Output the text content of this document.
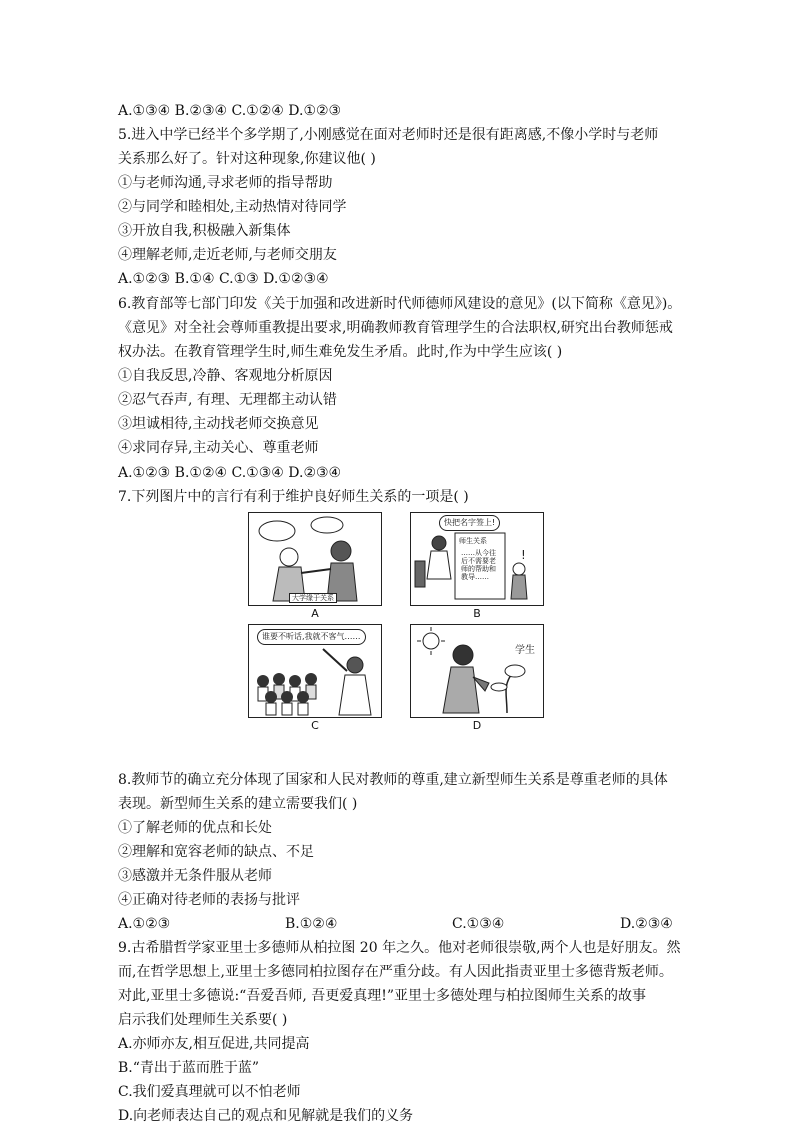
A.①③④ B.②③④ C.①②④ D.①②③
5.进入中学已经半个多学期了,小刚感觉在面对老师时还是很有距离感,不像小学时与老师
关系那么好了。针对这种现象,你建议他( )
①与老师沟通,寻求老师的指导帮助
②与同学和睦相处,主动热情对待同学
③开放自我,积极融入新集体
④理解老师,走近老师,与老师交朋友
A.①②③ B.①④ C.①③ D.①②③④
6.教育部等七部门印发《关于加强和改进新时代师德师风建设的意见》(以下简称《意见》)。
《意见》对全社会尊师重教提出要求,明确教师教育管理学生的合法职权,研究出台教师惩戒
权办法。在教育管理学生时,师生难免发生矛盾。此时,作为中学生应该( )
①自我反思,冷静、客观地分析原因
②忍气吞声, 有理、无理都主动认错
③坦诚相待,主动找老师交换意见
④求同存异,主动关心、尊重老师
A.①②③ B.①②④ C.①③④ D.②③④
7.下列图片中的言行有利于维护良好师生关系的一项是( )
8.教师节的确立充分体现了国家和人民对教师的尊重,建立新型师生关系是尊重老师的具体
表现。新型师生关系的建立需要我们( )
①了解老师的优点和长处
②理解和宽容老师的缺点、不足
③感激并无条件服从老师
④正确对待老师的表扬与批评
9.古希腊哲学家亚里士多德师从柏拉图 20 年之久。他对老师很崇敬,两个人也是好朋友。然
而,在哲学思想上,亚里士多德同柏拉图存在严重分歧。有人因此指责亚里士多德背叛老师。
对此,亚里士多德说:“吾爱吾师, 吾更爱真理!”亚里士多德处理与柏拉图师生关系的故事
启示我们处理师生关系要( )
A.亦师亦友,相互促进,共同提高
B.“青出于蓝而胜于蓝”
C.我们爱真理就可以不怕老师
D.向老师表达自己的观点和见解就是我们的义务
A.①②③	B.①②④	C.①③④	D.②③④
大学缘于关系
A
!
快把名字签上!
师生关系
……从今往后不需要老师的帮助和教导……
B
谁要不听话,我就不客气……
C
学生
D
